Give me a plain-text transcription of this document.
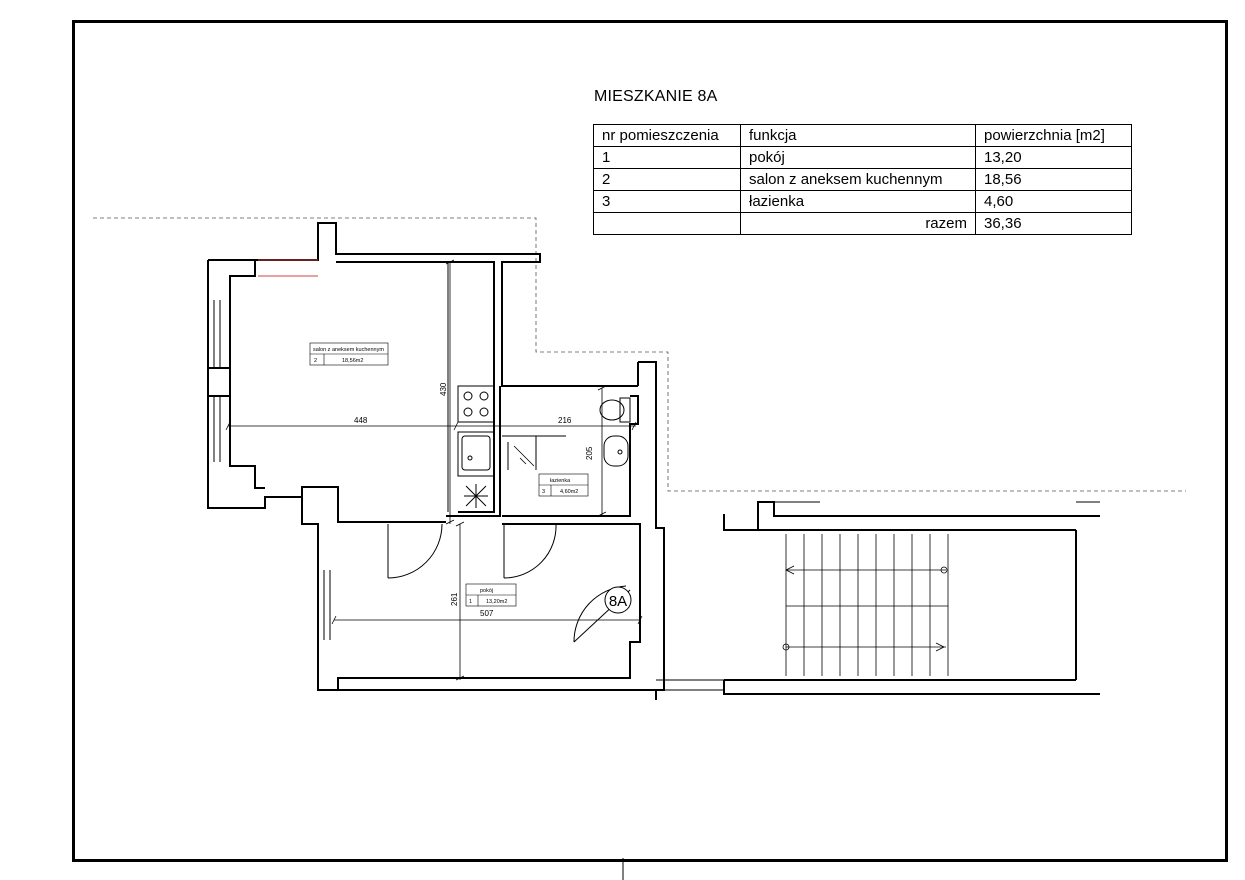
MIESZKANIE 8A
nr pomieszczenia	funkcja	powierzchnia [m2]
1	pokój	13,20
2	salon z aneksem kuchennym	18,56
3	łazienka	4,60
	razem	36,36
448
430
216
205
507
261
salon z aneksem kuchennym
2	18,56m2
łazienka
3	4,60m2
pokój
1	13,20m2	8A
